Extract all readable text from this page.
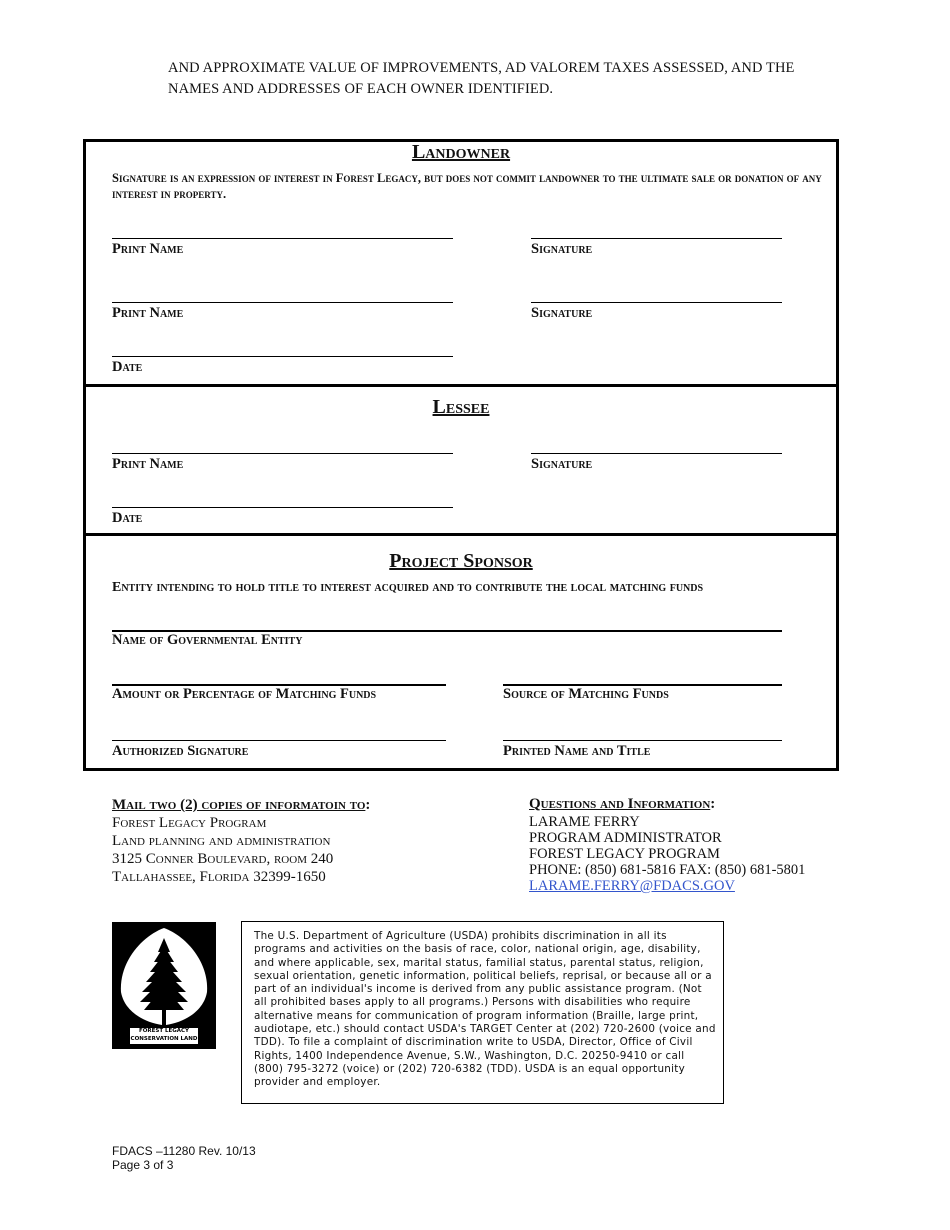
AND APPROXIMATE VALUE OF IMPROVEMENTS, AD VALOREM TAXES ASSESSED, AND THE
NAMES AND ADDRESSES OF EACH OWNER IDENTIFIED.
Landowner
Signature is an expression of interest in Forest Legacy, but does not commit landowner to the ultimate sale or donation of any interest in property.
Print Name	Signature
Print Name	Signature
Date
Lessee
Print Name	Signature
Date
Project Sponsor
Entity intending to hold title to interest acquired and to contribute the local matching funds
Name of Governmental Entity
Amount or Percentage of Matching Funds	Source of Matching Funds
Authorized Signature	Printed Name and Title
Mail two (2) copies of informatoin to:
Forest Legacy Program
Land planning and administration
3125 Conner Boulevard, room 240
Tallahassee, Florida 32399-1650
Questions and Information:
LARAME FERRY
PROGRAM ADMINISTRATOR
FOREST LEGACY PROGRAM
PHONE: (850) 681-5816 FAX: (850) 681-5801
LARAME.FERRY@FDACS.GOV
FOREST LEGACY
CONSERVATION LAND
The U.S. Department of Agriculture (USDA) prohibits discrimination in all its programs and activities on the basis of race, color, national origin, age, disability, and where applicable, sex, marital status, familial status, parental status, religion, sexual orientation, genetic information, political beliefs, reprisal, or because all or a part of an individual's income is derived from any public assistance program. (Not all prohibited bases apply to all programs.) Persons with disabilities who require alternative means for communication of program information (Braille, large print, audiotape, etc.) should contact USDA's TARGET Center at (202) 720-2600 (voice and TDD). To file a complaint of discrimination write to USDA, Director, Office of Civil Rights, 1400 Independence Avenue, S.W., Washington, D.C. 20250-9410 or call (800) 795-3272 (voice) or (202) 720-6382 (TDD). USDA is an equal opportunity provider and employer.
FDACS –11280 Rev. 10/13
Page 3 of 3
